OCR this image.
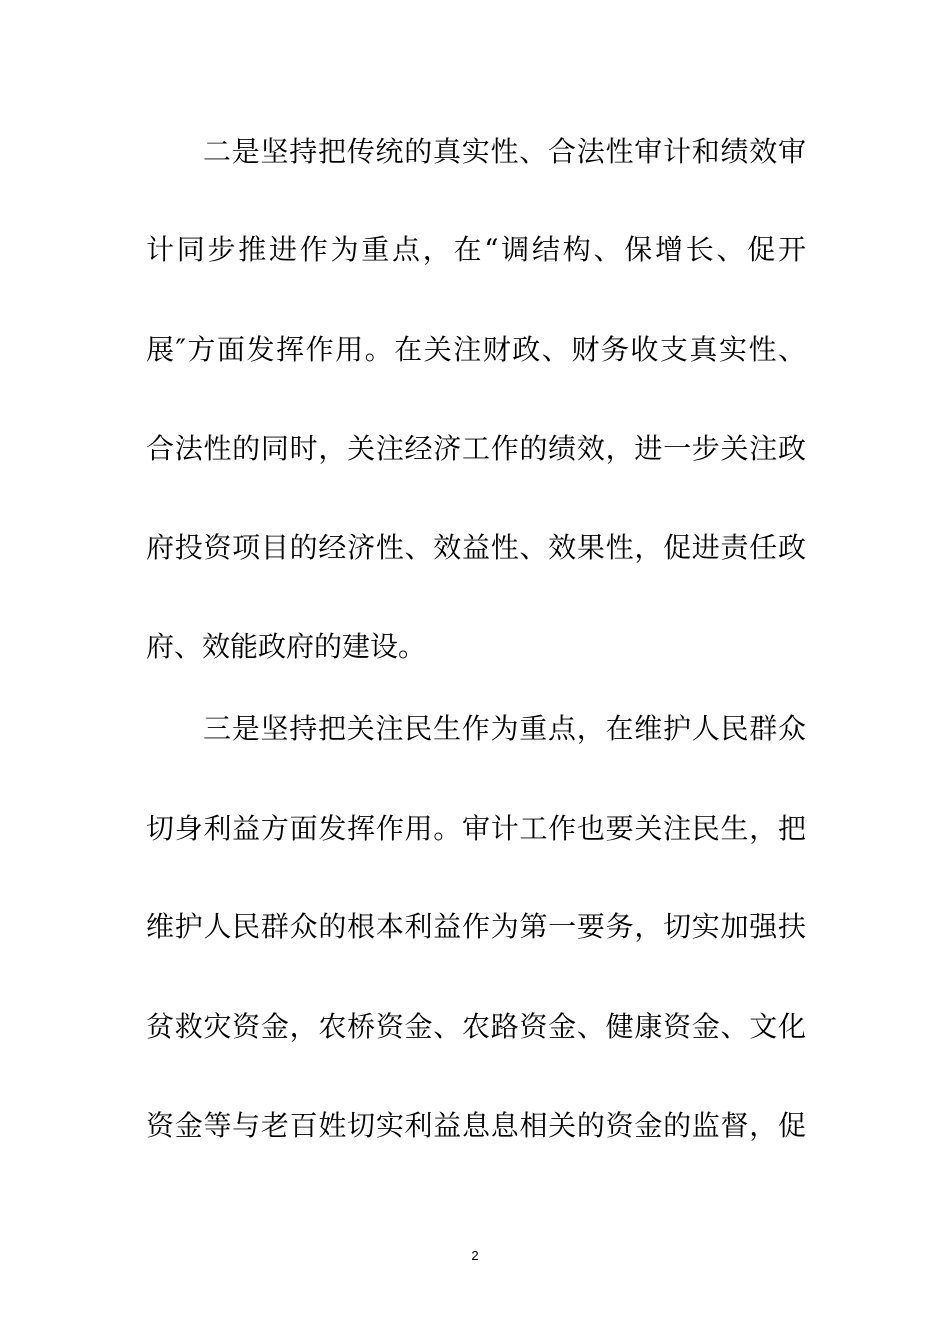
二是坚持把传统的真实性、合法性审计和绩效审
计同步推进作为重点，在“调结构、保增长、促开
展″方面发挥作用。在关注财政、财务收支真实性、
合法性的同时，关注经济工作的绩效，进一步关注政
府投资项目的经济性、效益性、效果性，促进责任政
府、效能政府的建设。
三是坚持把关注民生作为重点，在维护人民群众
切身利益方面发挥作用。审计工作也要关注民生，把
维护人民群众的根本利益作为第一要务，切实加强扶
贫救灾资金，农桥资金、农路资金、健康资金、文化
资金等与老百姓切实利益息息相关的资金的监督，促
2
